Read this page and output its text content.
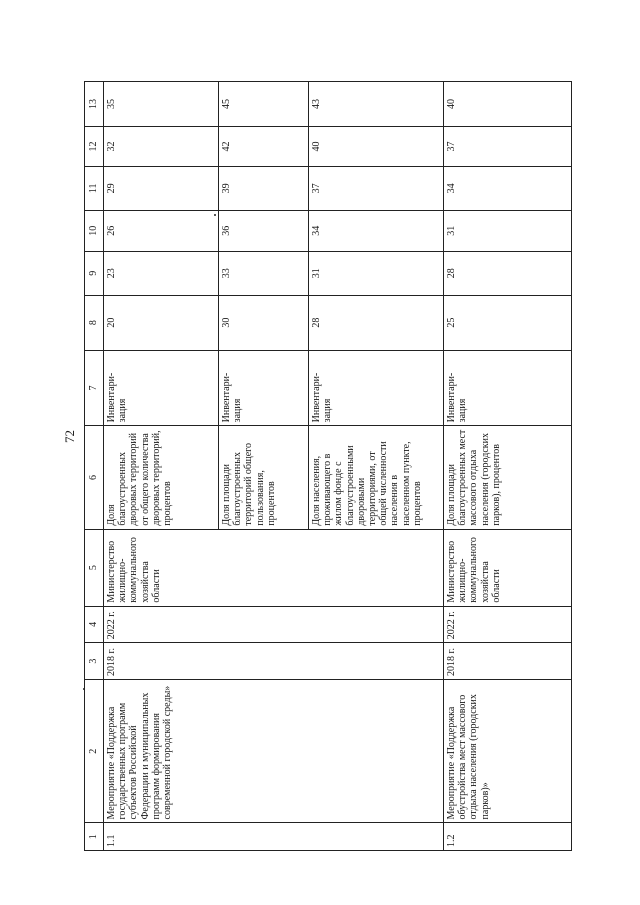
72
1	2	3	4	5	6	7	8	9	10	11	12	13
1.1	Мероприятие «Поддержка государственных программ субъектов Российской Федерации и муниципальных программ формирования современной городской среды»	2018 г.	2022 г.	Министерство жилищно-коммунального хозяйства области	Доля благоустроенных дворовых территорий от общего количества дворовых территорий, процентов	Инвентари-зация	20	23	26	29	32	35
					Доля площади благоустроенных территорий общего пользования, процентов	Инвентари-зация	30	33	36	39	42	45
					Доля населения, проживающего в жилом фонде с благоустроенными дворовыми территориями, от общей численности населения в населенном пункте, процентов	Инвентари-зация	28	31	34	37	40	43
1.2	Мероприятие «Поддержка обустройства мест массового отдыха населения (городских парков)»	2018 г.	2022 г.	Министерство жилищно-коммунального хозяйства области	Доля площади благоустроенных мест массового отдыха населения (городских парков), процентов	Инвентари-зация	25	28	31	34	37	40
